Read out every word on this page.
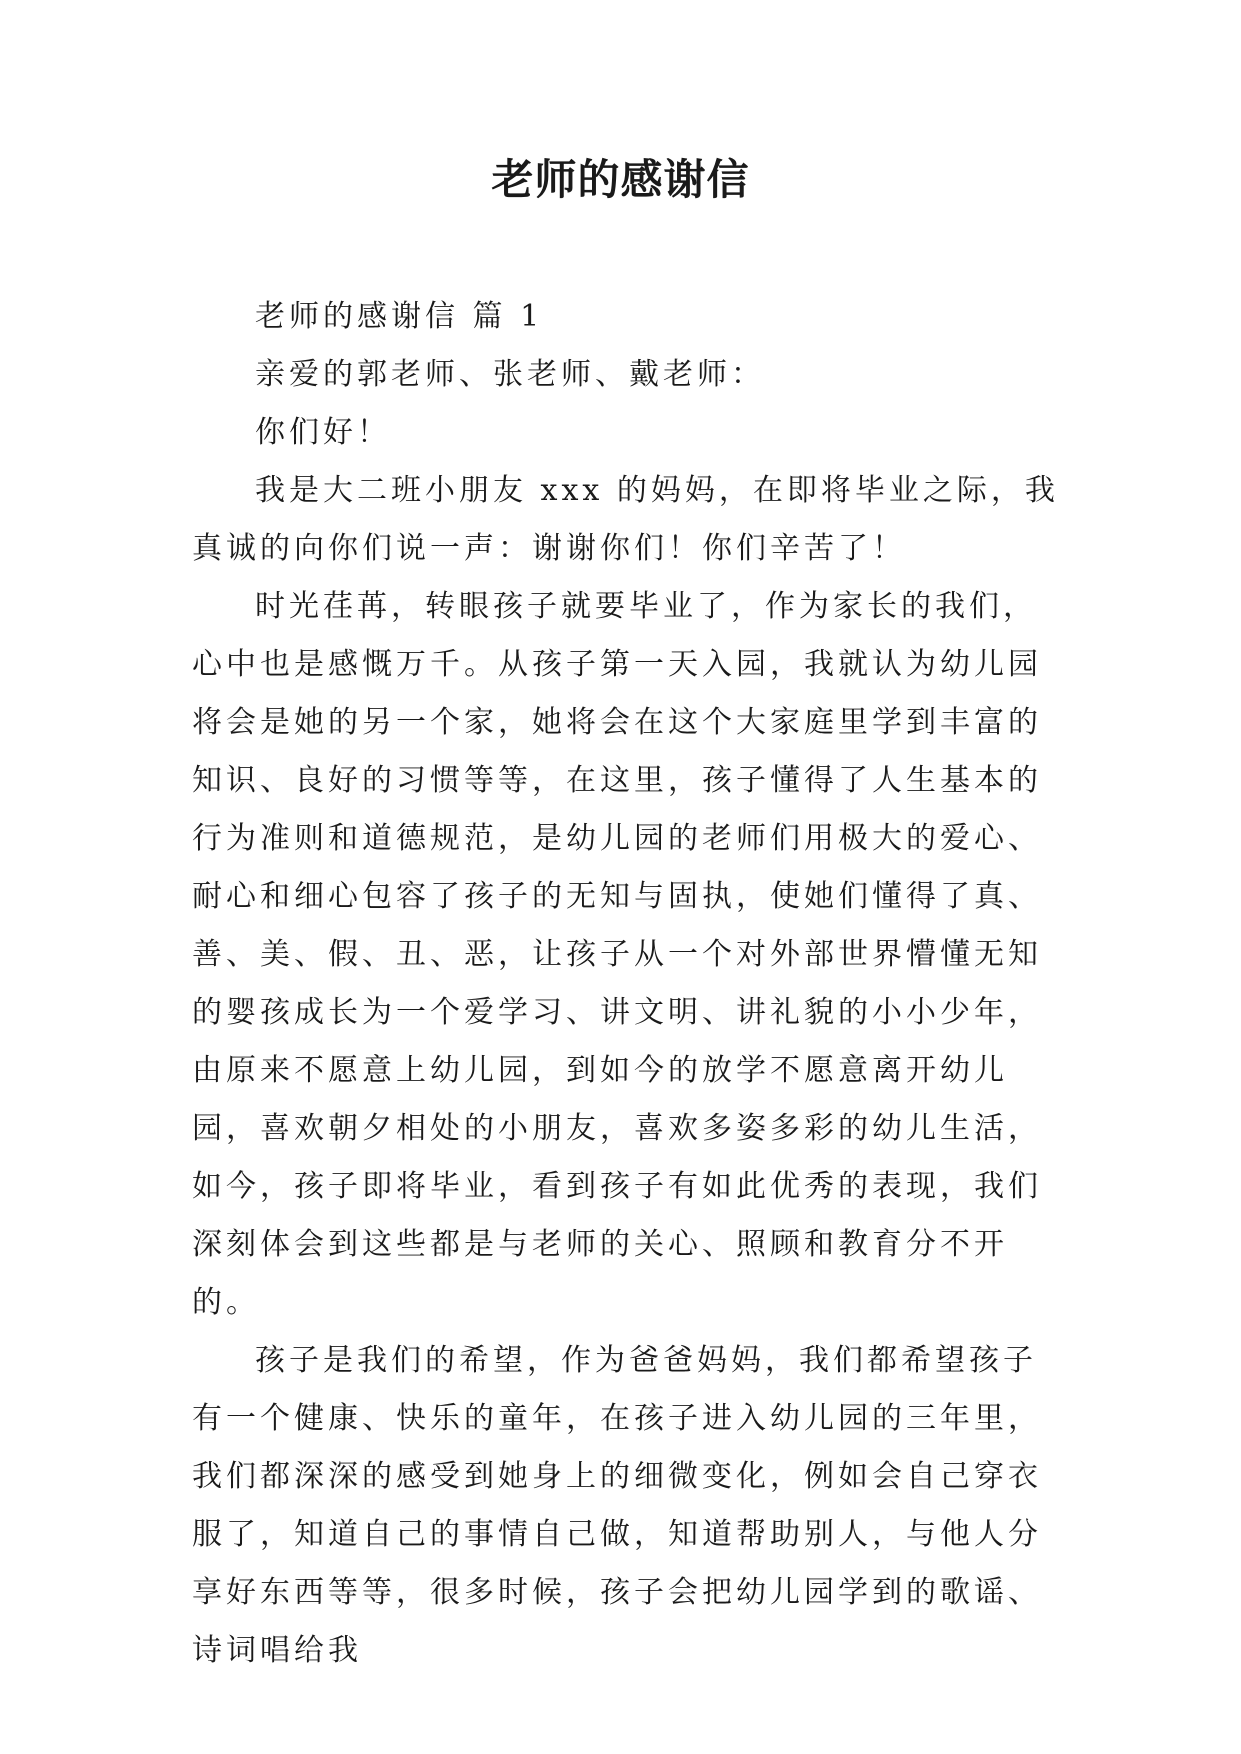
老师的感谢信

老师的感谢信 篇 1

亲爱的郭老师、张老师、戴老师：

你们好！

我是大二班小朋友 xxx 的妈妈，在即将毕业之际，我真诚的向你们说一声：谢谢你们！你们辛苦了！

时光荏苒，转眼孩子就要毕业了，作为家长的我们，心中也是感慨万千。从孩子第一天入园，我就认为幼儿园将会是她的另一个家，她将会在这个大家庭里学到丰富的知识、良好的习惯等等，在这里，孩子懂得了人生基本的行为准则和道德规范，是幼儿园的老师们用极大的爱心、耐心和细心包容了孩子的无知与固执，使她们懂得了真、善、美、假、丑、恶，让孩子从一个对外部世界懵懂无知的婴孩成长为一个爱学习、讲文明、讲礼貌的小小少年，由原来不愿意上幼儿园，到如今的放学不愿意离开幼儿园，喜欢朝夕相处的小朋友，喜欢多姿多彩的幼儿生活，如今，孩子即将毕业，看到孩子有如此优秀的表现，我们深刻体会到这些都是与老师的关心、照顾和教育分不开的。

孩子是我们的希望，作为爸爸妈妈，我们都希望孩子有一个健康、快乐的童年，在孩子进入幼儿园的三年里，我们都深深的感受到她身上的细微变化，例如会自己穿衣服了，知道自己的事情自己做，知道帮助别人，与他人分享好东西等等，很多时候，孩子会把幼儿园学到的歌谣、诗词唱给我
